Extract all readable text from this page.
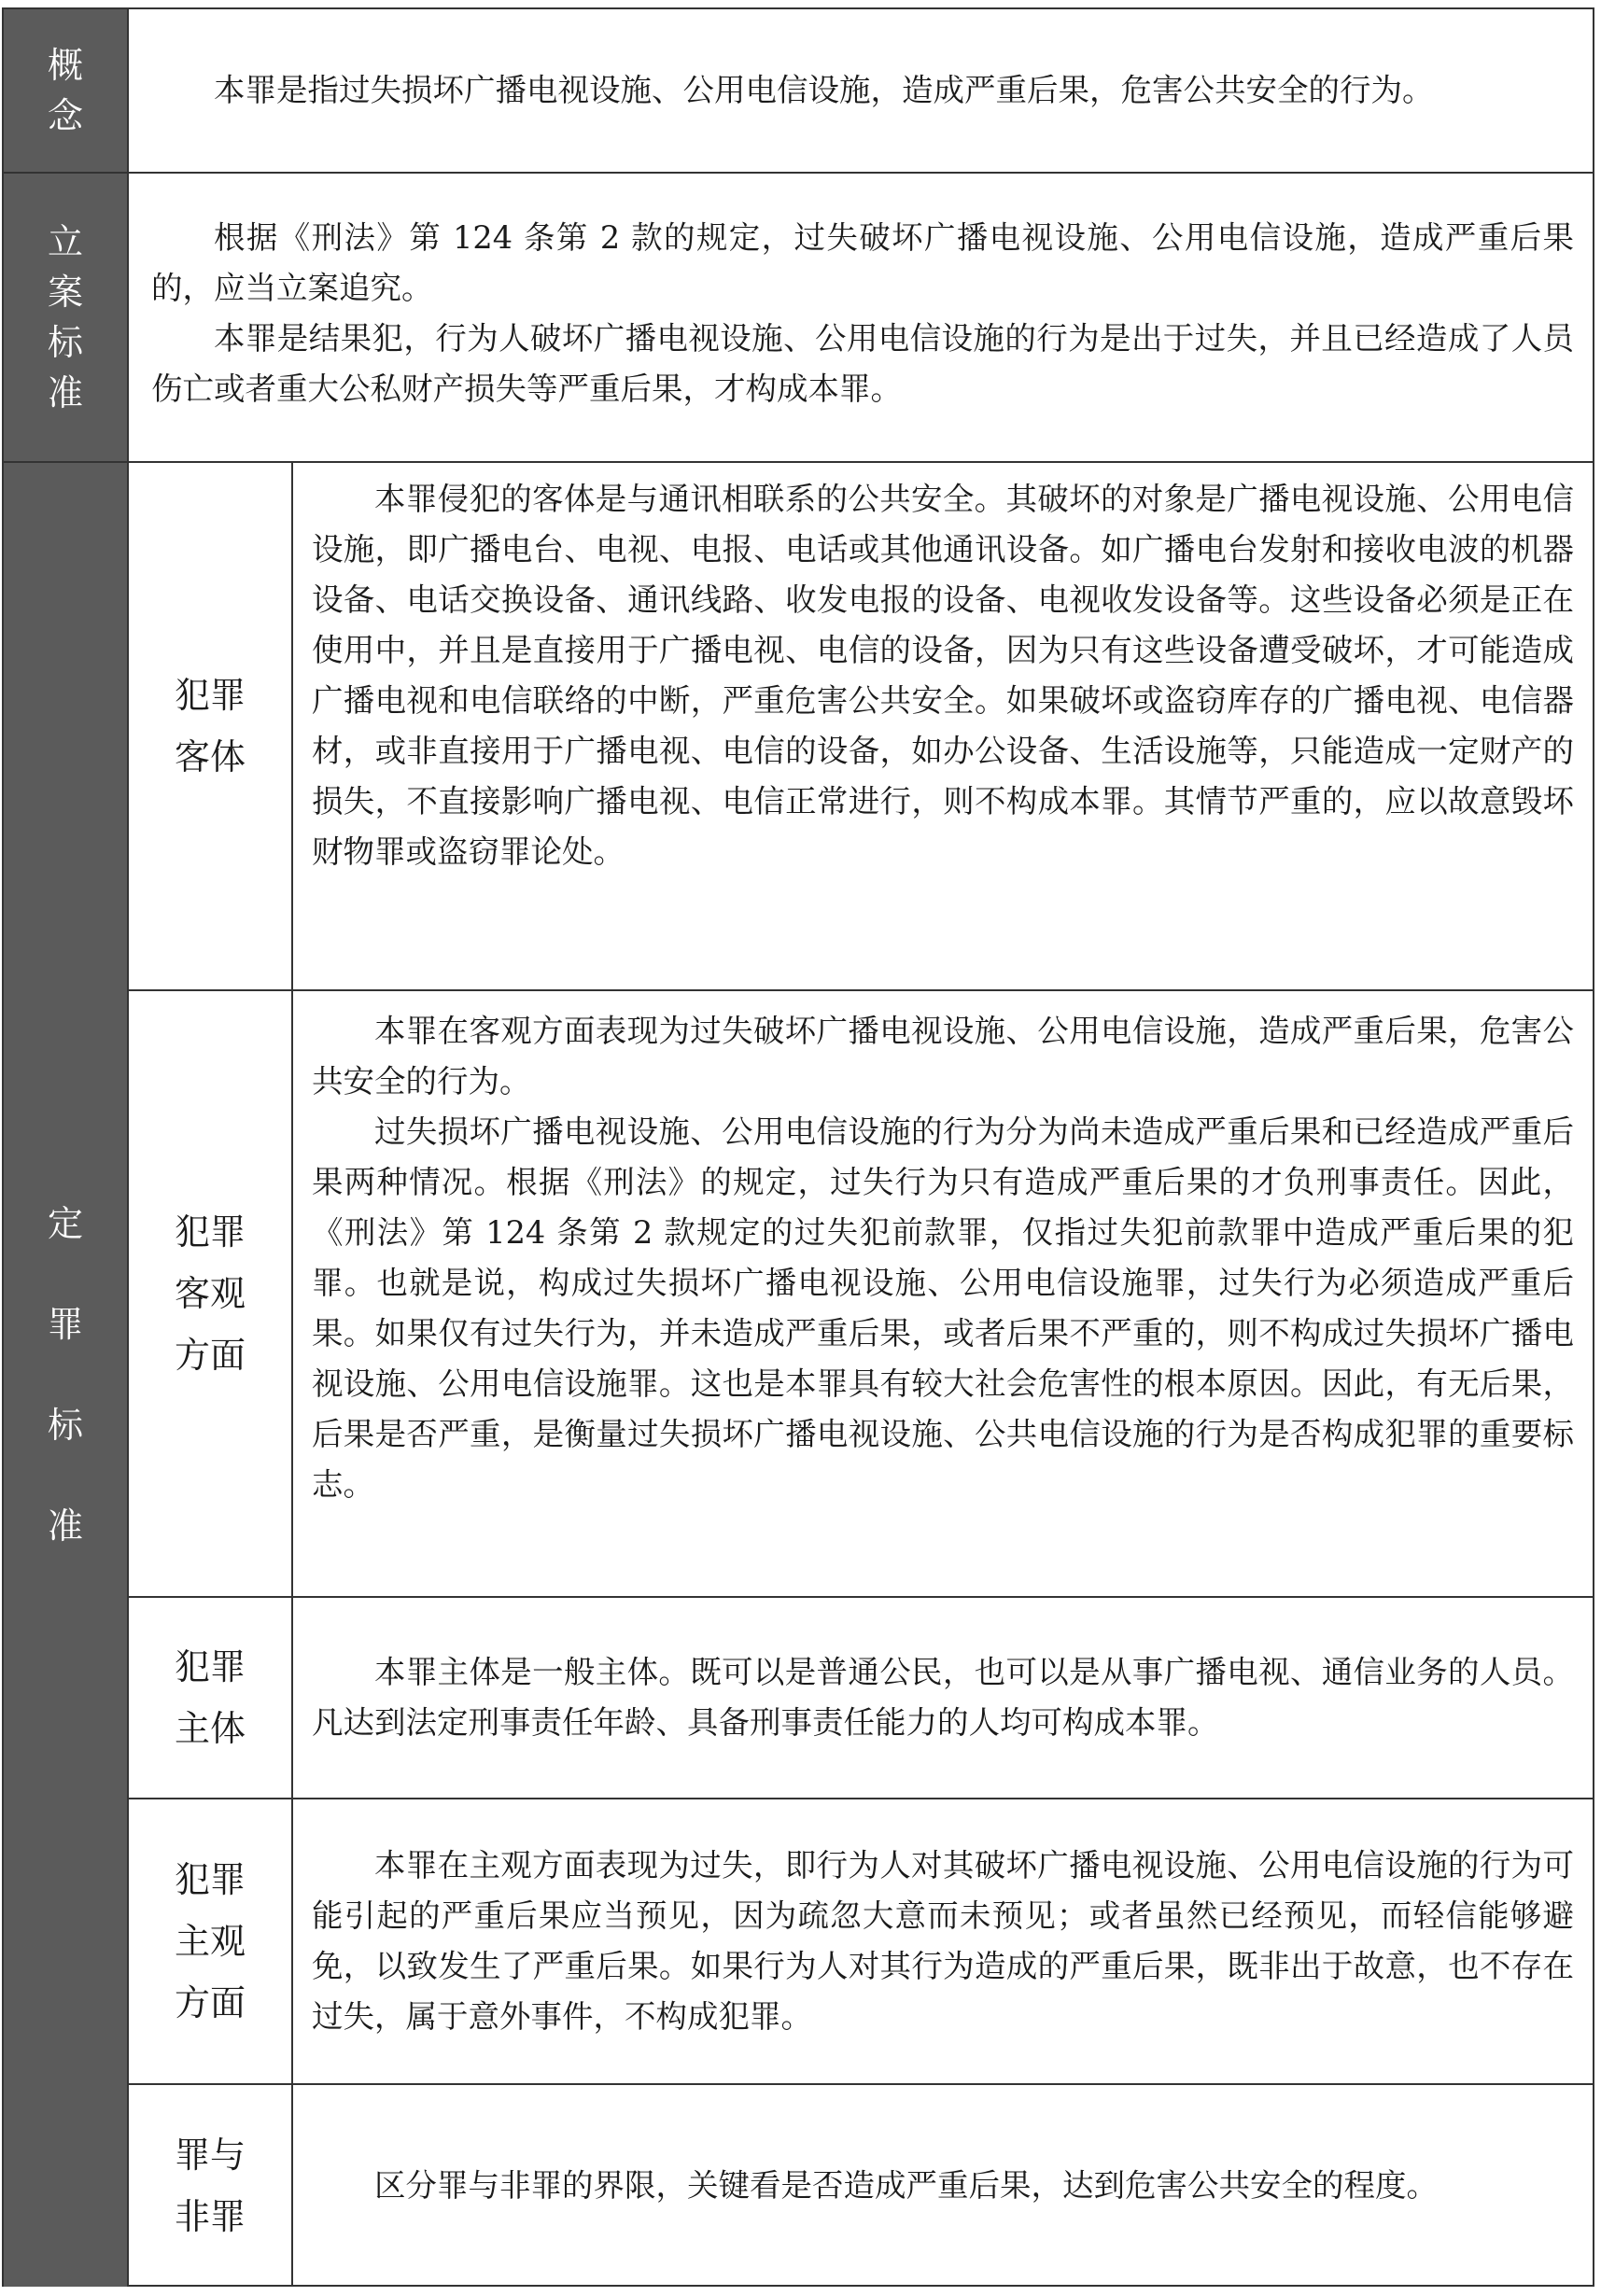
概
念

本罪是指过失损坏广播电视设施、公用电信设施，造成严重后果，危害公共安全的行为。

立
案
标
准

根据《刑法》第 124 条第 2 款的规定，过失破坏广播电视设施、公用电信设施，造成严重后果的，应当立案追究。

本罪是结果犯，行为人破坏广播电视设施、公用电信设施的行为是出于过失，并且已经造成了人员伤亡或者重大公私财产损失等严重后果，才构成本罪。

定
罪
标
准
犯罪
客体

本罪侵犯的客体是与通讯相联系的公共安全。其破坏的对象是广播电视设施、公用电信设施，即广播电台、电视、电报、电话或其他通讯设备。如广播电台发射和接收电波的机器设备、电话交换设备、通讯线路、收发电报的设备、电视收发设备等。这些设备必须是正在使用中，并且是直接用于广播电视、电信的设备，因为只有这些设备遭受破坏，才可能造成广播电视和电信联络的中断，严重危害公共安全。如果破坏或盗窃库存的广播电视、电信器材，或非直接用于广播电视、电信的设备，如办公设备、生活设施等，只能造成一定财产的损失，不直接影响广播电视、电信正常进行，则不构成本罪。其情节严重的，应以故意毁坏财物罪或盗窃罪论处。

犯罪
客观
方面

本罪在客观方面表现为过失破坏广播电视设施、公用电信设施，造成严重后果，危害公共安全的行为。

过失损坏广播电视设施、公用电信设施的行为分为尚未造成严重后果和已经造成严重后果两种情况。根据《刑法》的规定，过失行为只有造成严重后果的才负刑事责任。因此，《刑法》第 124 条第 2 款规定的过失犯前款罪，仅指过失犯前款罪中造成严重后果的犯罪。也就是说，构成过失损坏广播电视设施、公用电信设施罪，过失行为必须造成严重后果。如果仅有过失行为，并未造成严重后果，或者后果不严重的，则不构成过失损坏广播电视设施、公用电信设施罪。这也是本罪具有较大社会危害性的根本原因。因此，有无后果，后果是否严重，是衡量过失损坏广播电视设施、公共电信设施的行为是否构成犯罪的重要标志。

犯罪
主体

本罪主体是一般主体。既可以是普通公民，也可以是从事广播电视、通信业务的人员。凡达到法定刑事责任年龄、具备刑事责任能力的人均可构成本罪。

犯罪
主观
方面

本罪在主观方面表现为过失，即行为人对其破坏广播电视设施、公用电信设施的行为可能引起的严重后果应当预见，因为疏忽大意而未预见；或者虽然已经预见，而轻信能够避免，以致发生了严重后果。如果行为人对其行为造成的严重后果，既非出于故意，也不存在过失，属于意外事件，不构成犯罪。

罪与
非罪

区分罪与非罪的界限，关键看是否造成严重后果，达到危害公共安全的程度。
